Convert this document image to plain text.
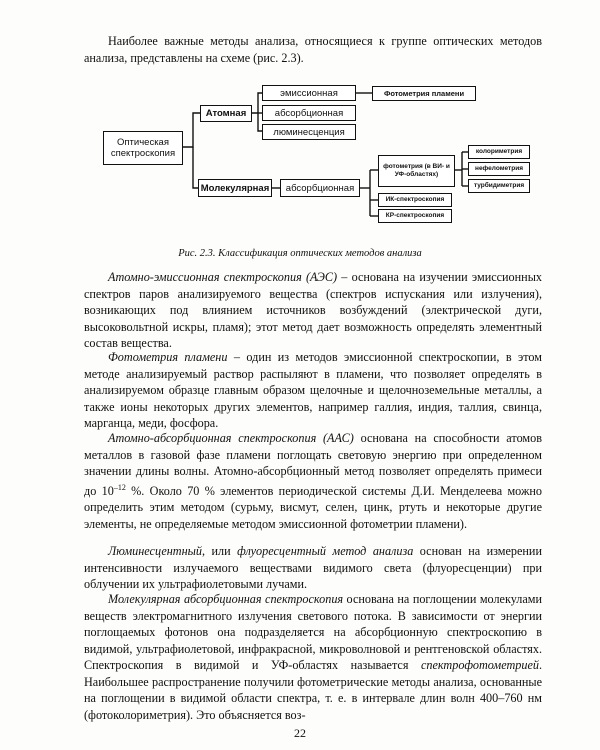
Наиболее важные методы анализа, относящиеся к группе оптических методов анализа, представлены на схеме (рис. 2.3).

Оптическая спектроскопия
Атомная
Молекулярная
эмиссионная
абсорбционная
люминесценция
Фотометрия пламени
абсорбционная
фотометрия (в ВИ- и УФ-областях)
ИК-спектроскопия
КР-спектроскопия
колориметрия
нефелометрия
турбидиметрия
Рис. 2.3. Классификация оптических методов анализа

Атомно-эмиссионная спектроскопия (АЭС) – основана на изучении эмиссионных спектров паров анализируемого вещества (спектров испускания или излучения), возникающих под влиянием источников возбуждений (электрической дуги, высоковольтной искры, пламя); этот метод дает возможность определять элементный состав вещества.

Фотометрия пламени – один из методов эмиссионной спектроскопии, в этом методе анализируемый раствор распыляют в пламени, что позволяет определять в анализируемом образце главным образом щелочные и щелочноземельные металлы, а также ионы некоторых других элементов, например галлия, индия, таллия, свинца, марганца, меди, фосфора.

Атомно-абсорбционная спектроскопия (ААС) основана на способности атомов металлов в газовой фазе пламени поглощать световую энергию при определенном значении длины волны. Атомно-абсорбционный метод позволяет определять примеси до $10^{-12}$ %. Около 70 % элементов периодической системы Д.И. Менделеева можно определить этим методом (сурьму, висмут, селен, цинк, ртуть и некоторые другие элементы, не определяемые методом эмиссионной фотометрии пламени).

Люминесцентный, или флуоресцентный метод анализа основан на измерении интенсивности излучаемого веществами видимого света (флуоресценции) при облучении их ультрафиолетовыми лучами.

Молекулярная абсорбционная спектроскопия основана на поглощении молекулами веществ электромагнитного излучения светового потока. В зависимости от энергии поглощаемых фотонов она подразделяется на абсорбционную спектроскопию в видимой, ультрафиолетовой, инфракрасной, микроволновой и рентгеновской областях. Спектроскопия в видимой и УФ-областях называется спектрофотометрией. Наибольшее распространение получили фотометрические методы анализа, основанные на поглощении в видимой области спектра, т. е. в интервале длин волн 400–760 нм (фотоколориметрия). Это объясняется воз-

22
